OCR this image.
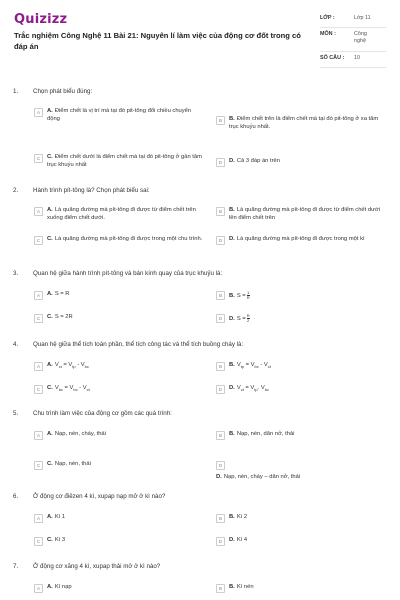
Quizizz
Trắc nghiệm Công Nghệ 11 Bài 21: Nguyên lí làm việc của động cơ đốt trong có đáp án
LỚP :	Lớp 11
MÔN :	Công nghệ
SỐ CÂU :	10
1. Chọn phát biểu đúng:
A	A. Điểm chết là vị trí mà tại đó pit-tông đổi chiều chuyển động	B	B. Điểm chết trên là điểm chết mà tại đó pit-tông ở xa tâm trục khuỷu nhất.
C	C. Điểm chết dưới là điểm chết mà tại đó pit-tông ở gần tâm trục khuỷu nhất	D	D. Cả 3 đáp án trên
2. Hành trình pít-tông là? Chọn phát biểu sai:
A	A. Là quãng đường mà pít-tông đi được từ điểm chết trên xuống điểm chết dưới.
B	B. Là quãng đường mà pít-tông đi được từ điểm chết dưới lên điểm chết trên
C	C. Là quãng đường mà pít-tông đi được trong một chu trình.	D	D. Là quãng đường mà pít-tông đi được trong một kì
3. Quan hệ giữa hành trình pít-tông và bán kính quay của trục khuỷu là:
A	A. S = R	B	B. $S = \frac{1}{R}$
C	C. S = 2R	D	D. $S = \frac{R}{2}$
4. Quan hệ giữa thể tích toàn phần, thể tích công tác và thể tích buồng cháy là:
A	A. $V_{ct} = V_{tp} - V_{bc}$	B	B. $V_{tp} = V_{bc} - V_{ct}$
C	C. $V_{bc} = V_{bc} - V_{ct}$	D	D. $V_{ct} = V_{tp}$. $V_{bc}$
5. Chu trình làm việc của động cơ gồm các quá trình:
A	A. Nạp, nén, cháy, thải	B	B. Nạp, nén, dãn nở, thải
C	C. Nạp, nén, thải	D
D. Nạp, nén, cháy – dãn nở, thải
6. Ở động cơ điêzen 4 kì, xupap nạp mở ở kì nào?
A	A. Kì 1	B	B. Kì 2
C	C. Kì 3	D	D. Kì 4
7. Ở động cơ xăng 4 kì, xupap thải mở ở kì nào?
A	A. Kì nạp	B	B. Kì nén
